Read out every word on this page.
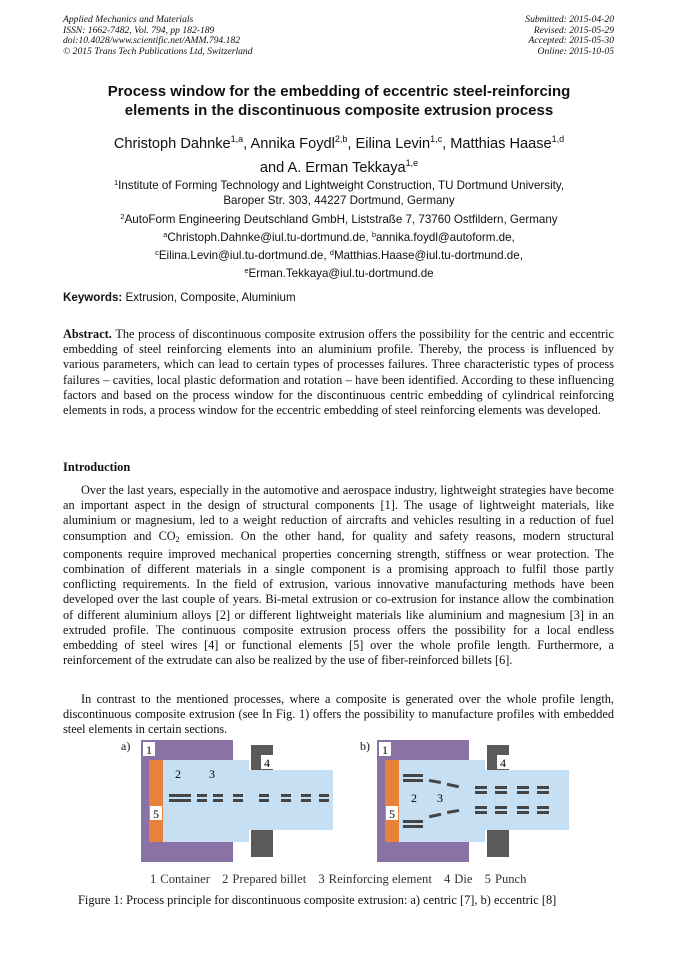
Applied Mechanics and Materials
ISSN: 1662-7482, Vol. 794, pp 182-189
doi:10.4028/www.scientific.net/AMM.794.182
© 2015 Trans Tech Publications Ltd, Switzerland
Submitted: 2015-04-20
Revised: 2015-05-29
Accepted: 2015-05-30
Online: 2015-10-05
Process window for the embedding of eccentric steel-reinforcing
elements in the discontinuous composite extrusion process
Christoph Dahnke$^{1,a}$, Annika Foydl$^{2,b}$, Eilina Levin$^{1,c}$, Matthias Haase$^{1,d}$
and A. Erman Tekkaya$^{1,e}$
$^1$Institute of Forming Technology and Lightweight Construction, TU Dortmund University,
Baroper Str. 303, 44227 Dortmund, Germany
$^2$AutoForm Engineering Deutschland GmbH, Liststraße 7, 73760 Ostfildern, Germany
$^a$Christoph.Dahnke@iul.tu-dortmund.de, $^b$annika.foydl@autoform.de,
$^c$Eilina.Levin@iul.tu-dortmund.de, $^d$Matthias.Haase@iul.tu-dortmund.de,
$^e$Erman.Tekkaya@iul.tu-dortmund.de
Keywords: Extrusion, Composite, Aluminium
Abstract. The process of discontinuous composite extrusion offers the possibility for the centric and eccentric embedding of steel reinforcing elements into an aluminium profile. Thereby, the process is influenced by various parameters, which can lead to certain types of processes failures. Three characteristic types of process failures – cavities, local plastic deformation and rotation – have been identified. According to these influencing factors and based on the process window for the discontinuous centric embedding of cylindrical reinforcing elements in rods, a process window for the eccentric embedding of steel reinforcing elements was developed.
Introduction
Over the last years, especially in the automotive and aerospace industry, lightweight strategies have become an important aspect in the design of structural components [1]. The usage of lightweight materials, like aluminium or magnesium, led to a weight reduction of aircrafts and vehicles resulting in a reduction of fuel consumption and $CO_2$ emission. On the other hand, for quality and safety reasons, modern structural components require improved mechanical properties concerning strength, stiffness or wear protection. The combination of different materials in a single component is a promising approach to fulfil those partly conflicting requirements. In the field of extrusion, various innovative manufacturing methods have been developed over the last couple of years. Bi-metal extrusion or co-extrusion for instance allow the combination of different aluminium alloys [2] or different lightweight materials like aluminium and magnesium [3] in an extruded profile. The continuous composite extrusion process offers the possibility for a local endless embedding of steel wires [4] or functional elements [5] over the whole profile length. Furthermore, a reinforcement of the extrudate can also be realized by the use of fiber-reinforced billets [6].
In contrast to the mentioned processes, where a composite is generated over the whole profile length, discontinuous composite extrusion (see In Fig. 1) offers the possibility to manufacture profiles with embedded steel elements in certain sections.
a)	b)
1
2 3
4
5
1
2 3
4
5
1 Container 2 Prepared billet 3 Reinforcing element 4 Die 5 Punch
Figure 1: Process principle for discontinuous composite extrusion: a) centric [7], b) eccentric [8]
